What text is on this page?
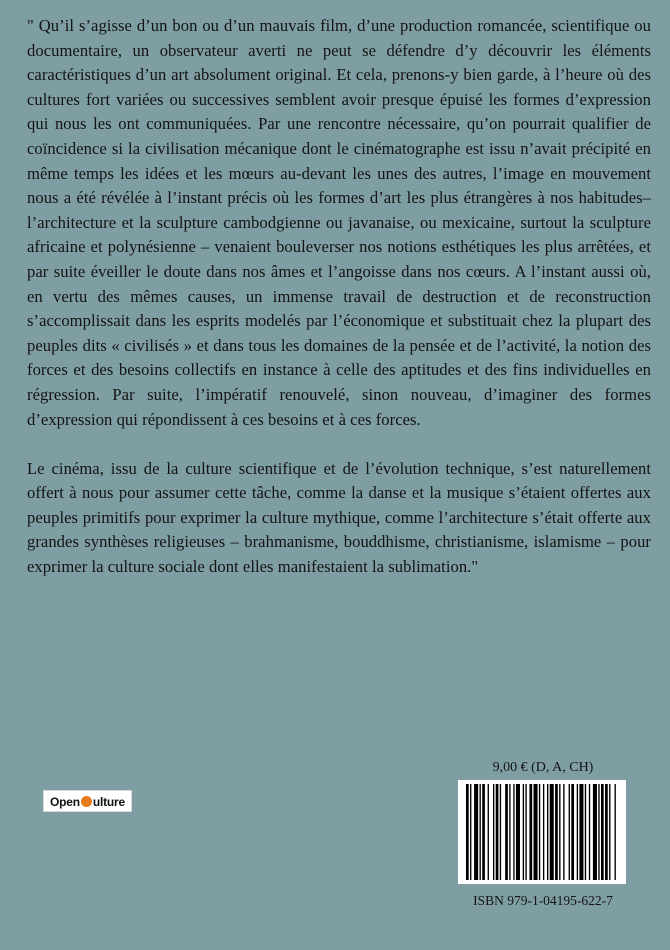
" Qu’il s’agisse d’un bon ou d’un mauvais film, d’une production romancée, scientifique ou documentaire, un observateur averti ne peut se défendre d’y découvrir les éléments caractéristiques d’un art absolument original. Et cela, prenons-y bien garde, à l’heure où des cultures fort variées ou successives semblent avoir presque épuisé les formes d’expression qui nous les ont communiquées. Par une rencontre nécessaire, qu’on pourrait qualifier de coïncidence si la civilisation mécanique dont le cinématographe est issu n’avait précipité en même temps les idées et les mœurs au-devant les unes des autres, l’image en mouvement nous a été révélée à l’instant précis où les formes d’art les plus étrangères à nos habitudes– l’architecture et la sculpture cambodgienne ou javanaise, ou mexicaine, surtout la sculpture africaine et polynésienne – venaient bouleverser nos notions esthétiques les plus arrêtées, et par suite éveiller le doute dans nos âmes et l’angoisse dans nos cœurs. A l’instant aussi où, en vertu des mêmes causes, un immense travail de destruction et de reconstruction s’accomplissait dans les esprits modelés par l’économique et substituait chez la plupart des peuples dits « civilisés » et dans tous les domaines de la pensée et de l’activité, la notion des forces et des besoins collectifs en instance à celle des aptitudes et des fins individuelles en régression. Par suite, l’impératif renouvelé, sinon nouveau, d’imaginer des formes d’expression qui répondissent à ces besoins et à ces forces.

Le cinéma, issu de la culture scientifique et de l’évolution technique, s’est naturellement offert à nous pour assumer cette tâche, comme la danse et la musique s’étaient offertes aux peuples primitifs pour exprimer la culture mythique, comme l’architecture s’était offerte aux grandes synthèses religieuses – brahmanisme, bouddhisme, christianisme, islamisme – pour exprimer la culture sociale dont elles manifestaient la sublimation."

Open ulture
9,00 € (D, A, CH)
ISBN 979-1-04195-622-7
